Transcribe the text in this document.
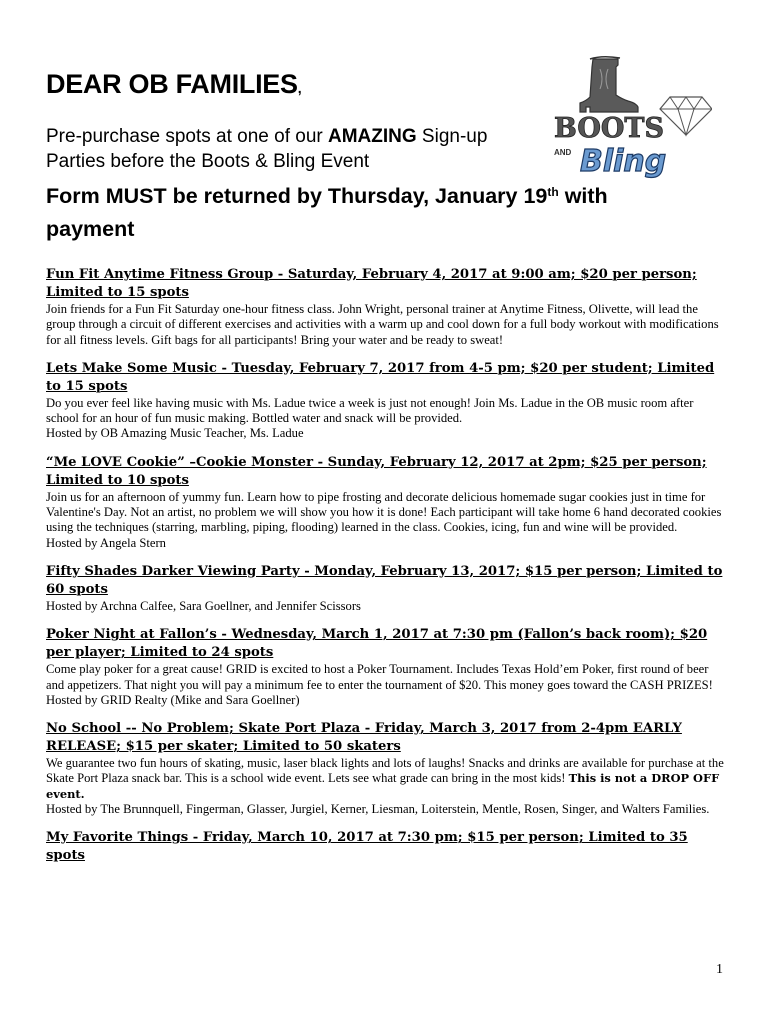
DEAR OB FAMILIES,
Pre-purchase spots at one of our AMAZING Sign-up Parties before the Boots & Bling Event
Form MUST be returned by Thursday, January 19th with payment
BOOTS
AND Bling
Fun Fit Anytime Fitness Group - Saturday, February 4, 2017 at 9:00 am; $20 per person; Limited to 15 spots

Join friends for a Fun Fit Saturday one-hour fitness class. John Wright, personal trainer at Anytime Fitness, Olivette, will lead the group through a circuit of different exercises and activities with a warm up and cool down for a full body workout with modifications for all fitness levels. Gift bags for all participants! Bring your water and be ready to sweat!

Lets Make Some Music - Tuesday, February 7, 2017 from 4-5 pm; $20 per student; Limited to 15 spots

Do you ever feel like having music with Ms. Ladue twice a week is just not enough! Join Ms. Ladue in the OB music room after school for an hour of fun music making. Bottled water and snack will be provided.

Hosted by OB Amazing Music Teacher, Ms. Ladue

“Me LOVE Cookie” –Cookie Monster - Sunday, February 12, 2017 at 2pm; $25 per person; Limited to 10 spots

Join us for an afternoon of yummy fun. Learn how to pipe frosting and decorate delicious homemade sugar cookies just in time for Valentine's Day. Not an artist, no problem we will show you how it is done! Each participant will take home 6 hand decorated cookies using the techniques (starring, marbling, piping, flooding) learned in the class. Cookies, icing, fun and wine will be provided.

Hosted by Angela Stern

Fifty Shades Darker Viewing Party - Monday, February 13, 2017; $15 per person; Limited to 60 spots

Hosted by Archna Calfee, Sara Goellner, and Jennifer Scissors

Poker Night at Fallon’s - Wednesday, March 1, 2017 at 7:30 pm (Fallon’s back room); $20 per player; Limited to 24 spots

Come play poker for a great cause! GRID is excited to host a Poker Tournament. Includes Texas Hold’em Poker, first round of beer and appetizers. That night you will pay a minimum fee to enter the tournament of $20. This money goes toward the CASH PRIZES!

Hosted by GRID Realty (Mike and Sara Goellner)

No School -- No Problem; Skate Port Plaza - Friday, March 3, 2017 from 2-4pm EARLY RELEASE; $15 per skater; Limited to 50 skaters

We guarantee two fun hours of skating, music, laser black lights and lots of laughs! Snacks and drinks are available for purchase at the Skate Port Plaza snack bar. This is a school wide event. Lets see what grade can bring in the most kids! This is not a DROP OFF event.

Hosted by The Brunnquell, Fingerman, Glasser, Jurgiel, Kerner, Liesman, Loiterstein, Mentle, Rosen, Singer, and Walters Families.

My Favorite Things - Friday, March 10, 2017 at 7:30 pm; $15 per person; Limited to 35 spots
1
